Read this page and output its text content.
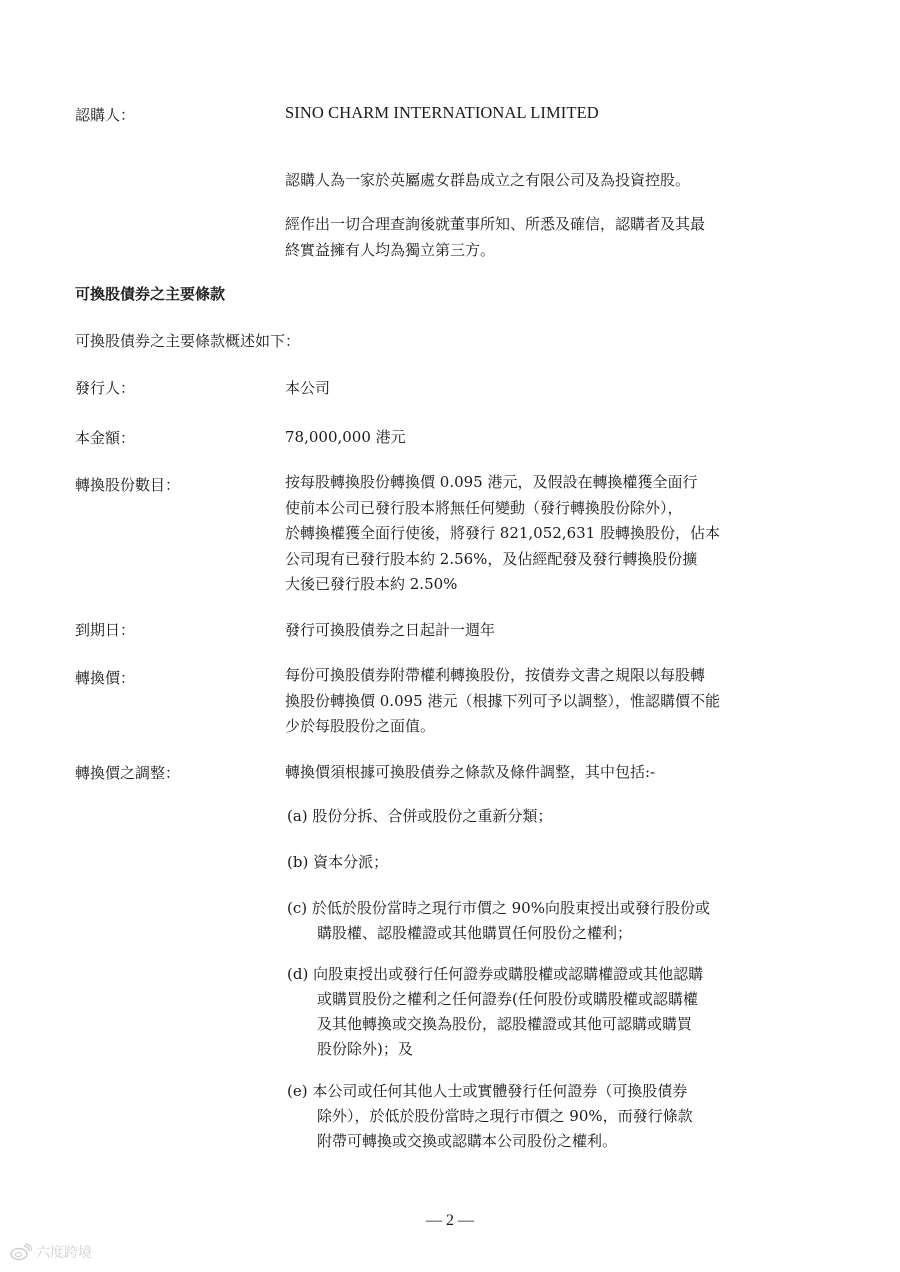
認購人：	SINO CHARM INTERNATIONAL LIMITED
認購人為一家於英屬處女群島成立之有限公司及為投資控股。
經作出一切合理查詢後就董事所知、所悉及確信，認購者及其最
終實益擁有人均為獨立第三方。
可換股債券之主要條款
可換股債券之主要條款概述如下：
發行人：	本公司
本金額：	78,000,000 港元
轉換股份數目：	按每股轉換股份轉換價 0.095 港元，及假設在轉換權獲全面行
使前本公司已發行股本將無任何變動（發行轉換股份除外），
於轉換權獲全面行使後，將發行 821,052,631 股轉換股份，佔本
公司現有已發行股本約 2.56%，及佔經配發及發行轉換股份擴
大後已發行股本約 2.50%
到期日：	發行可換股債券之日起計一週年
轉換價：	每份可換股債券附帶權利轉換股份，按債券文書之規限以每股轉
換股份轉換價 0.095 港元（根據下列可予以調整），惟認購價不能
少於每股股份之面值。
轉換價之調整：	轉換價須根據可換股債券之條款及條件調整，其中包括:-
(a) 股份分拆、合併或股份之重新分類；
(b) 資本分派；
(c) 於低於股份當時之現行市價之 90%向股東授出或發行股份或
購股權、認股權證或其他購買任何股份之權利；
(d) 向股東授出或發行任何證券或購股權或認購權證或其他認購
或購買股份之權利之任何證券(任何股份或購股權或認購權
及其他轉換或交換為股份，認股權證或其他可認購或購買
股份除外)；及
(e) 本公司或任何其他人士或實體發行任何證券（可換股債券
除外），於低於股份當時之現行市價之 90%，而發行條款
附帶可轉換或交換或認購本公司股份之權利。
— 2 —
六度跨境
